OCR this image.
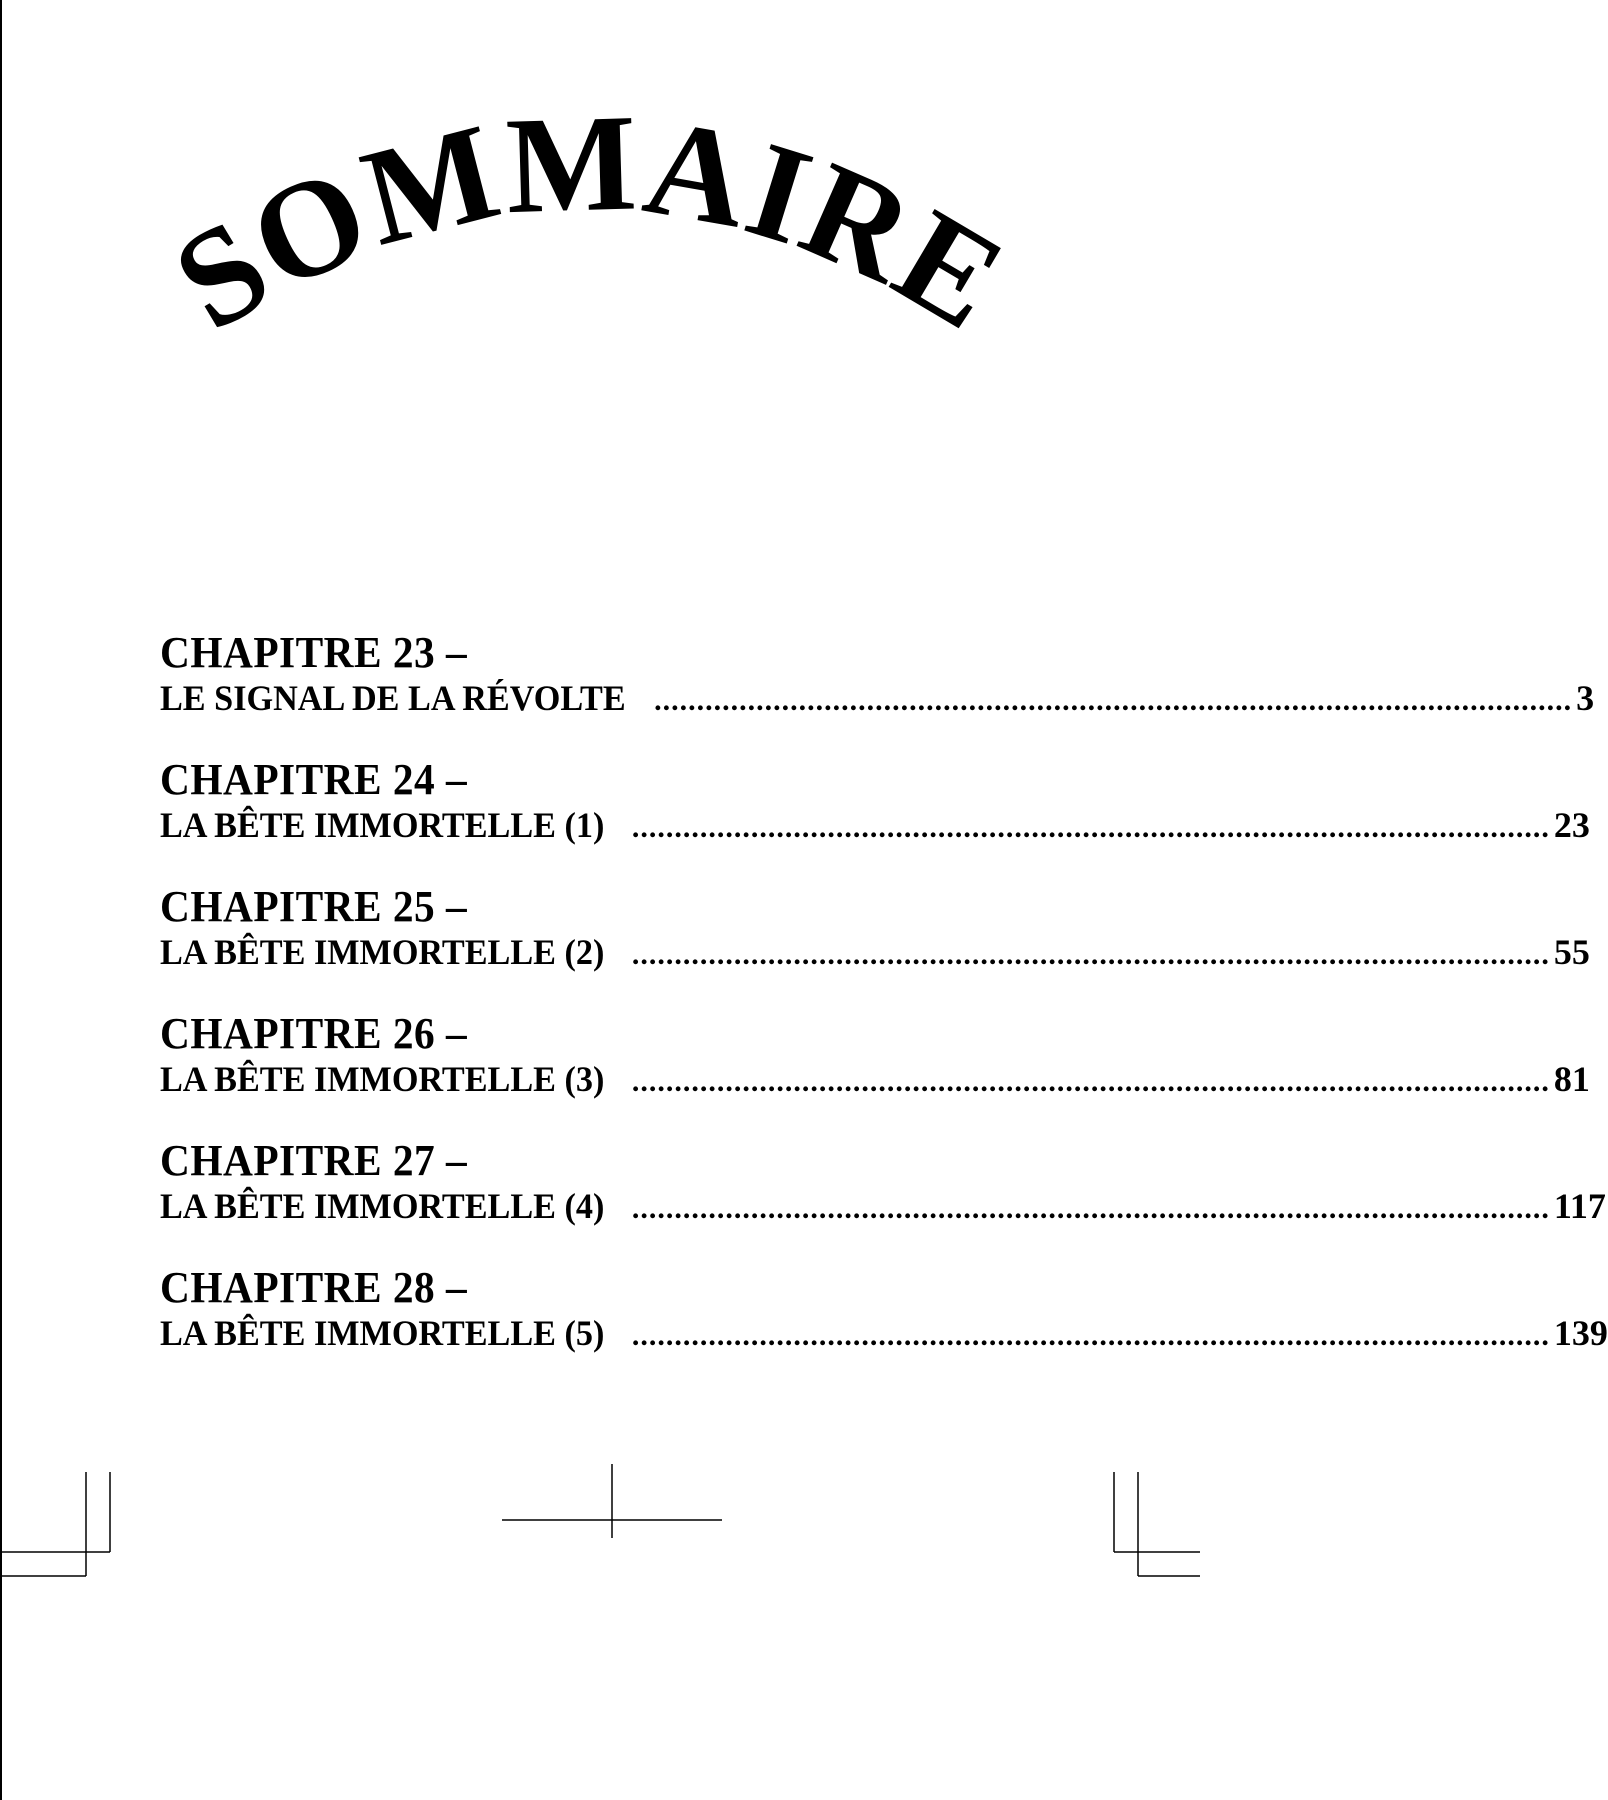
SOMMAIRE
CHAPITRE 23 –
LE SIGNAL DE LA RÉVOLTE ............................................................................................................ 3
CHAPITRE 24 –
LA BÊTE IMMORTELLE (1) ............................................................................................................ 23
CHAPITRE 25 –
LA BÊTE IMMORTELLE (2) ............................................................................................................ 55
CHAPITRE 26 –
LA BÊTE IMMORTELLE (3) ............................................................................................................ 81
CHAPITRE 27 –
LA BÊTE IMMORTELLE (4) ............................................................................................................ 117
CHAPITRE 28 –
LA BÊTE IMMORTELLE (5) ............................................................................................................ 139
